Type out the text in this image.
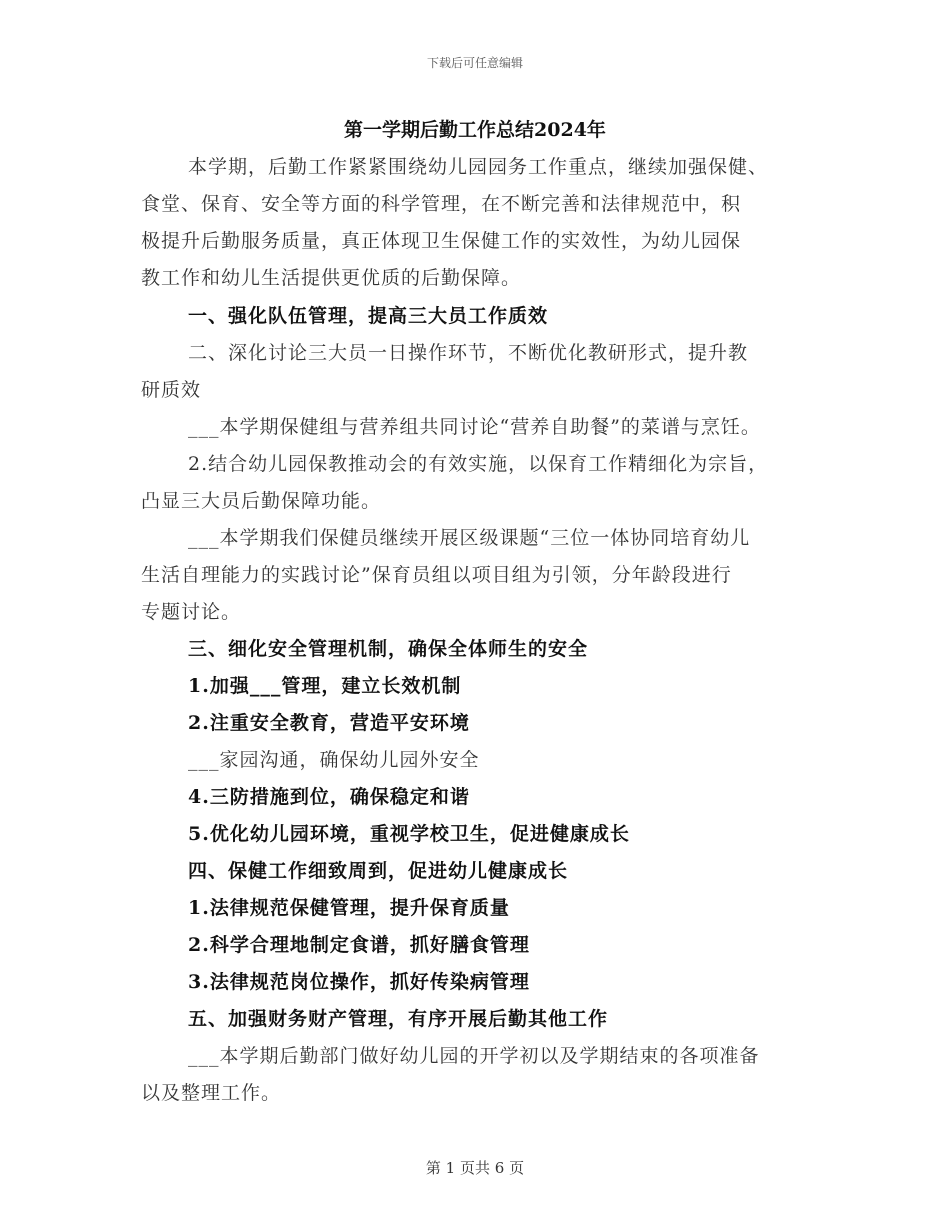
下载后可任意编辑
第一学期后勤工作总结2024年
本学期，后勤工作紧紧围绕幼儿园园务工作重点，继续加强保健、
食堂、保育、安全等方面的科学管理，在不断完善和法律规范中，积
极提升后勤服务质量，真正体现卫生保健工作的实效性，为幼儿园保
教工作和幼儿生活提供更优质的后勤保障。
一、强化队伍管理，提高三大员工作质效
二、深化讨论三大员一日操作环节，不断优化教研形式，提升教
研质效
___本学期保健组与营养组共同讨论“营养自助餐”的菜谱与烹饪。
2.结合幼儿园保教推动会的有效实施，以保育工作精细化为宗旨，
凸显三大员后勤保障功能。
___本学期我们保健员继续开展区级课题“三位一体协同培育幼儿
生活自理能力的实践讨论”保育员组以项目组为引领，分年龄段进行
专题讨论。
三、细化安全管理机制，确保全体师生的安全
1.加强___管理，建立长效机制
2.注重安全教育，营造平安环境
___家园沟通，确保幼儿园外安全
4.三防措施到位，确保稳定和谐
5.优化幼儿园环境，重视学校卫生，促进健康成长
四、保健工作细致周到，促进幼儿健康成长
1.法律规范保健管理，提升保育质量
2.科学合理地制定食谱，抓好膳食管理
3.法律规范岗位操作，抓好传染病管理
五、加强财务财产管理，有序开展后勤其他工作
___本学期后勤部门做好幼儿园的开学初以及学期结束的各项准备
以及整理工作。
第 1 页共 6 页
